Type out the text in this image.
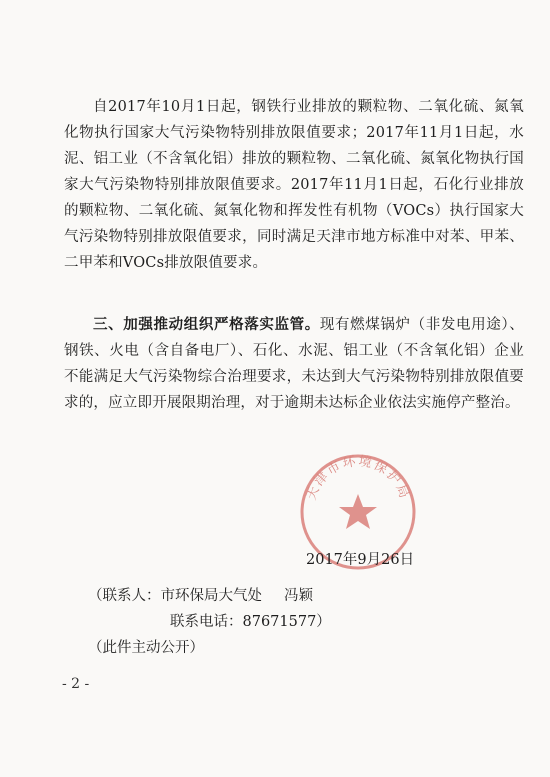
自2017年10月1日起，钢铁行业排放的颗粒物、二氧化硫、氮氧化物执行国家大气污染物特别排放限值要求；2017年11月1日起，水泥、铝工业（不含氧化铝）排放的颗粒物、二氧化硫、氮氧化物执行国家大气污染物特别排放限值要求。2017年11月1日起，石化行业排放的颗粒物、二氧化硫、氮氧化物和挥发性有机物（VOCs）执行国家大气污染物特别排放限值要求，同时满足天津市地方标准中对苯、甲苯、二甲苯和VOCs排放限值要求。

三、加强推动组织严格落实监管。现有燃煤锅炉（非发电用途）、钢铁、火电（含自备电厂）、石化、水泥、铝工业（不含氧化铝）企业不能满足大气污染物综合治理要求，未达到大气污染物特别排放限值要求的，应立即开展限期治理，对于逾期未达标企业依法实施停产整治。

天津市环境保护局
2017年9月26日
（联系人：市环保局大气处 冯颖
联系电话：87671577）
（此件主动公开）
- 2 -
